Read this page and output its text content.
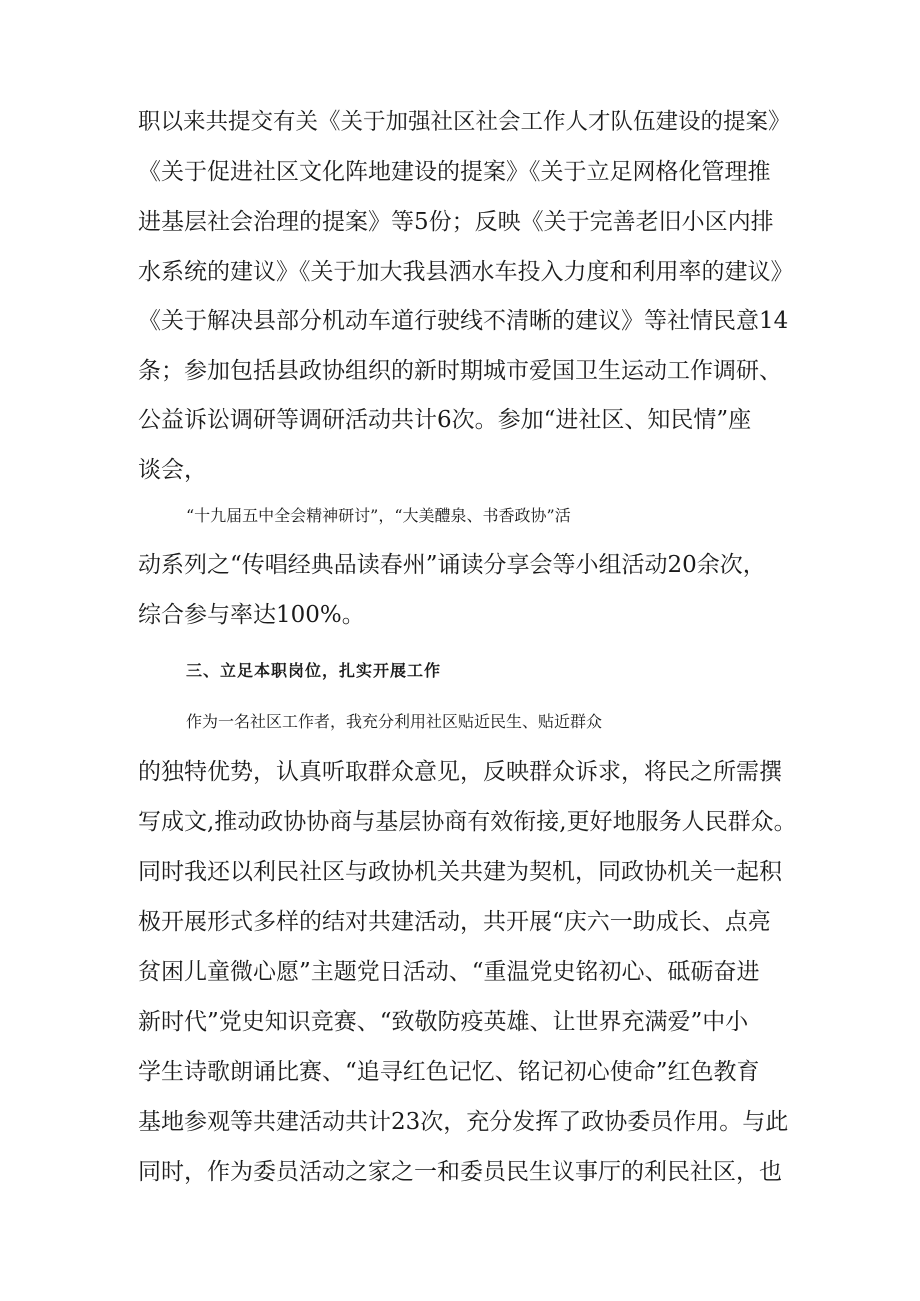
职以来共提交有关《关于加强社区社会工作人才队伍建设的提案》
《关于促进社区文化阵地建设的提案》《关于立足网格化管理推
进基层社会治理的提案》等5份；反映《关于完善老旧小区内排
水系统的建议》《关于加大我县洒水车投入力度和利用率的建议》
《关于解决县部分机动车道行驶线不清晰的建议》等社情民意14
条；参加包括县政协组织的新时期城市爱国卫生运动工作调研、
公益诉讼调研等调研活动共计6次。参加“进社区、知民情”座
谈会，
“十九届五中全会精神研讨”，“大美醴泉、书香政协”活
动系列之“传唱经典品读春州”诵读分享会等小组活动20余次，
综合参与率达100%。
三、立足本职岗位，扎实开展工作
作为一名社区工作者，我充分利用社区贴近民生、贴近群众
的独特优势，认真听取群众意见，反映群众诉求，将民之所需撰
写成文,推动政协协商与基层协商有效衔接,更好地服务人民群众。
同时我还以利民社区与政协机关共建为契机，同政协机关一起积
极开展形式多样的结对共建活动，共开展“庆六一助成长、点亮
贫困儿童微心愿”主题党日活动、“重温党史铭初心、砥砺奋进
新时代”党史知识竞赛、“致敬防疫英雄、让世界充满爱”中小
学生诗歌朗诵比赛、“追寻红色记忆、铭记初心使命”红色教育
基地参观等共建活动共计23次，充分发挥了政协委员作用。与此
同时，作为委员活动之家之一和委员民生议事厅的利民社区，也
